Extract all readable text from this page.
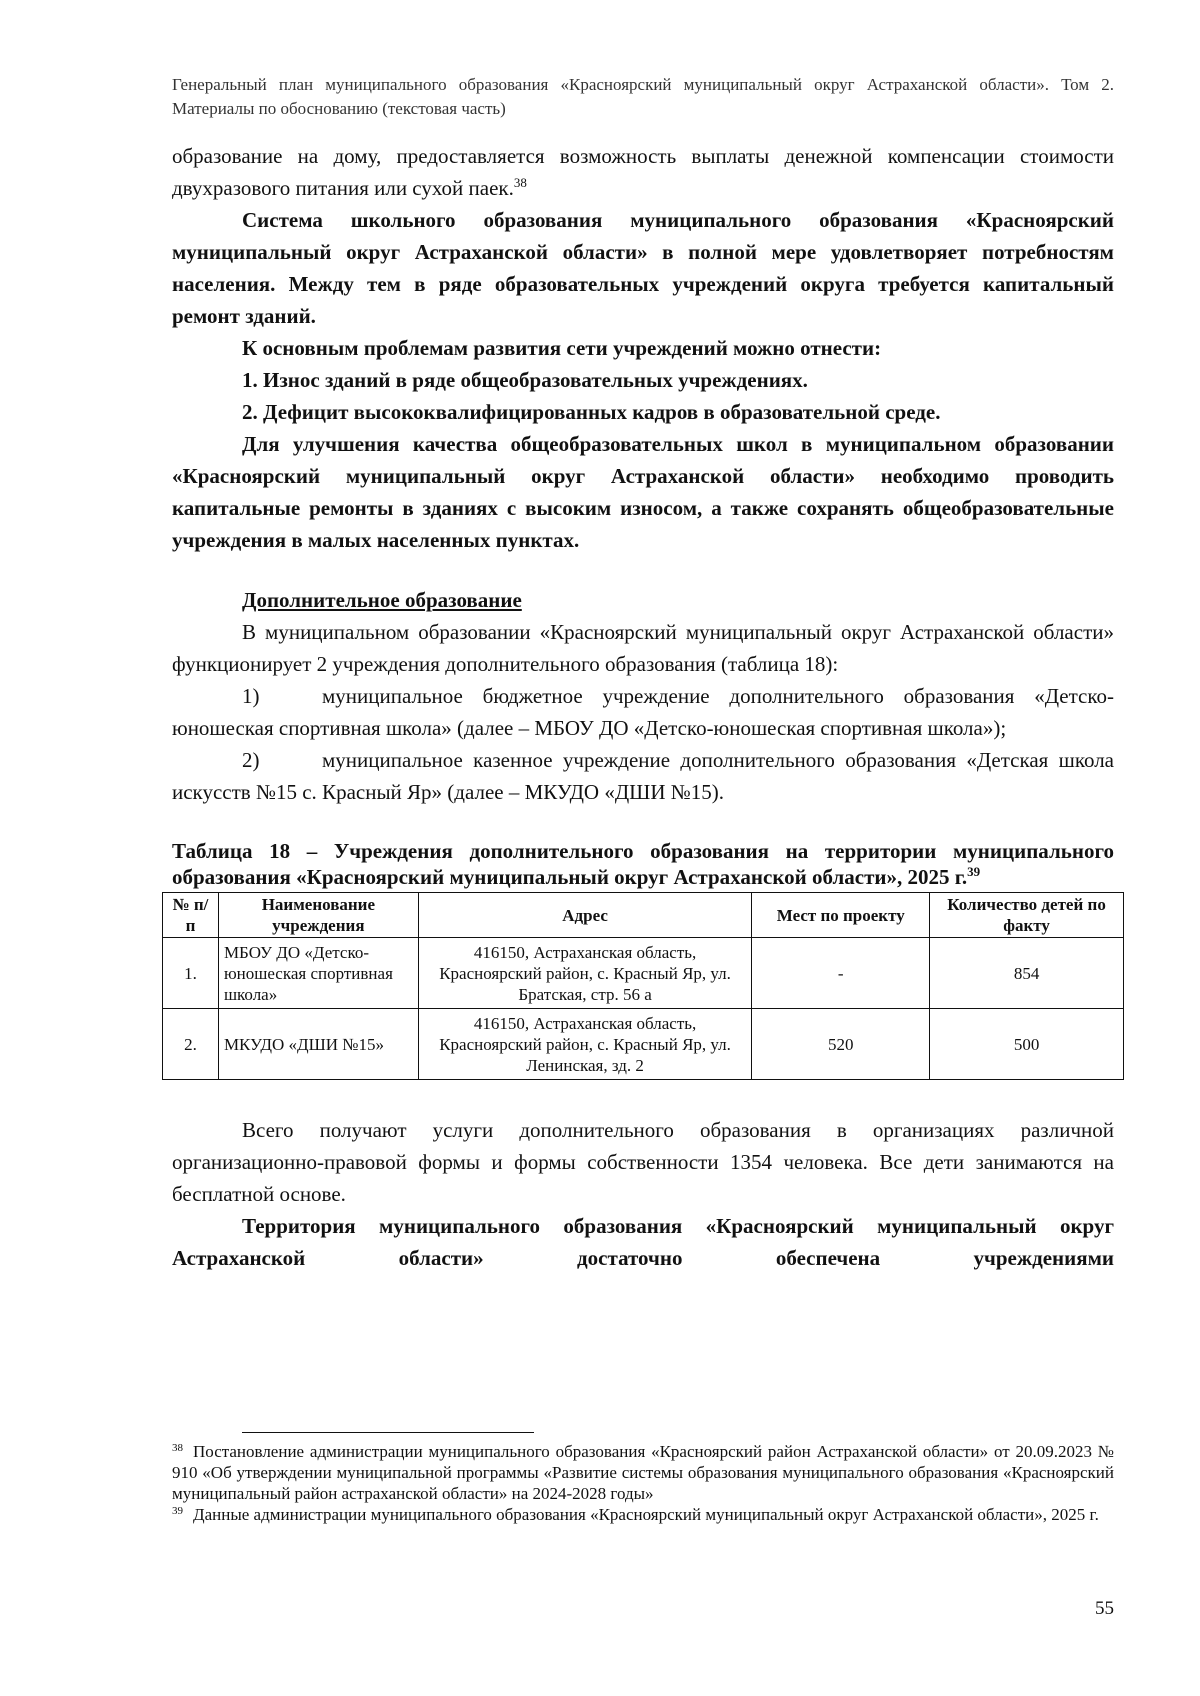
Генеральный план муниципального образования «Красноярский муниципальный округ Астраханской области». Том 2. Материалы по обоснованию (текстовая часть)

образование на дому, предоставляется возможность выплаты денежной компенсации стоимости двухразового питания или сухой паек.$^{38}$

Система школьного образования муниципального образования «Красноярский муниципальный округ Астраханской области» в полной мере удовлетворяет потребностям населения. Между тем в ряде образовательных учреждений округа требуется капитальный ремонт зданий.

К основным проблемам развития сети учреждений можно отнести:

1. Износ зданий в ряде общеобразовательных учреждениях.

2. Дефицит высококвалифицированных кадров в образовательной среде.

Для улучшения качества общеобразовательных школ в муниципальном образовании «Красноярский муниципальный округ Астраханской области» необходимо проводить капитальные ремонты в зданиях с высоким износом, а также сохранять общеобразовательные учреждения в малых населенных пунктах.

Дополнительное образование

В муниципальном образовании «Красноярский муниципальный округ Астраханской области» функционирует 2 учреждения дополнительного образования (таблица 18):

1)	муниципальное бюджетное учреждение дополнительного образования «Детско-юношеская спортивная школа» (далее – МБОУ ДО «Детско-юношеская спортивная школа»);

2)	муниципальное казенное учреждение дополнительного образования «Детская школа искусств №15 с. Красный Яр» (далее – МКУДО «ДШИ №15).

Таблица 18 – Учреждения дополнительного образования на территории муниципального образования «Красноярский муниципальный округ Астраханской области», 2025 г.$^{39}$

№ п/п	Наименование учреждения	Адрес	Мест по проекту	Количество детей по факту
1.	МБОУ ДО «Детско-юношеская спортивная школа»	416150, Астраханская область, Красноярский район, с. Красный Яр, ул. Братская, стр. 56 а	-	854
2.	МКУДО «ДШИ №15»	416150, Астраханская область, Красноярский район, с. Красный Яр, ул. Ленинская, зд. 2	520	500

Всего получают услуги дополнительного образования в организациях различной организационно-правовой формы и формы собственности 1354 человека. Все дети занимаются на бесплатной основе.

Территория муниципального образования «Красноярский муниципальный округ Астраханской области» достаточно обеспечена учреждениями

$^{38}$ Постановление администрации муниципального образования «Красноярский район Астраханской области» от 20.09.2023 № 910 «Об утверждении муниципальной программы «Развитие системы образования муниципального образования «Красноярский муниципальный район астраханской области» на 2024-2028 годы»

$^{39}$ Данные администрации муниципального образования «Красноярский муниципальный округ Астраханской области», 2025 г.

55
